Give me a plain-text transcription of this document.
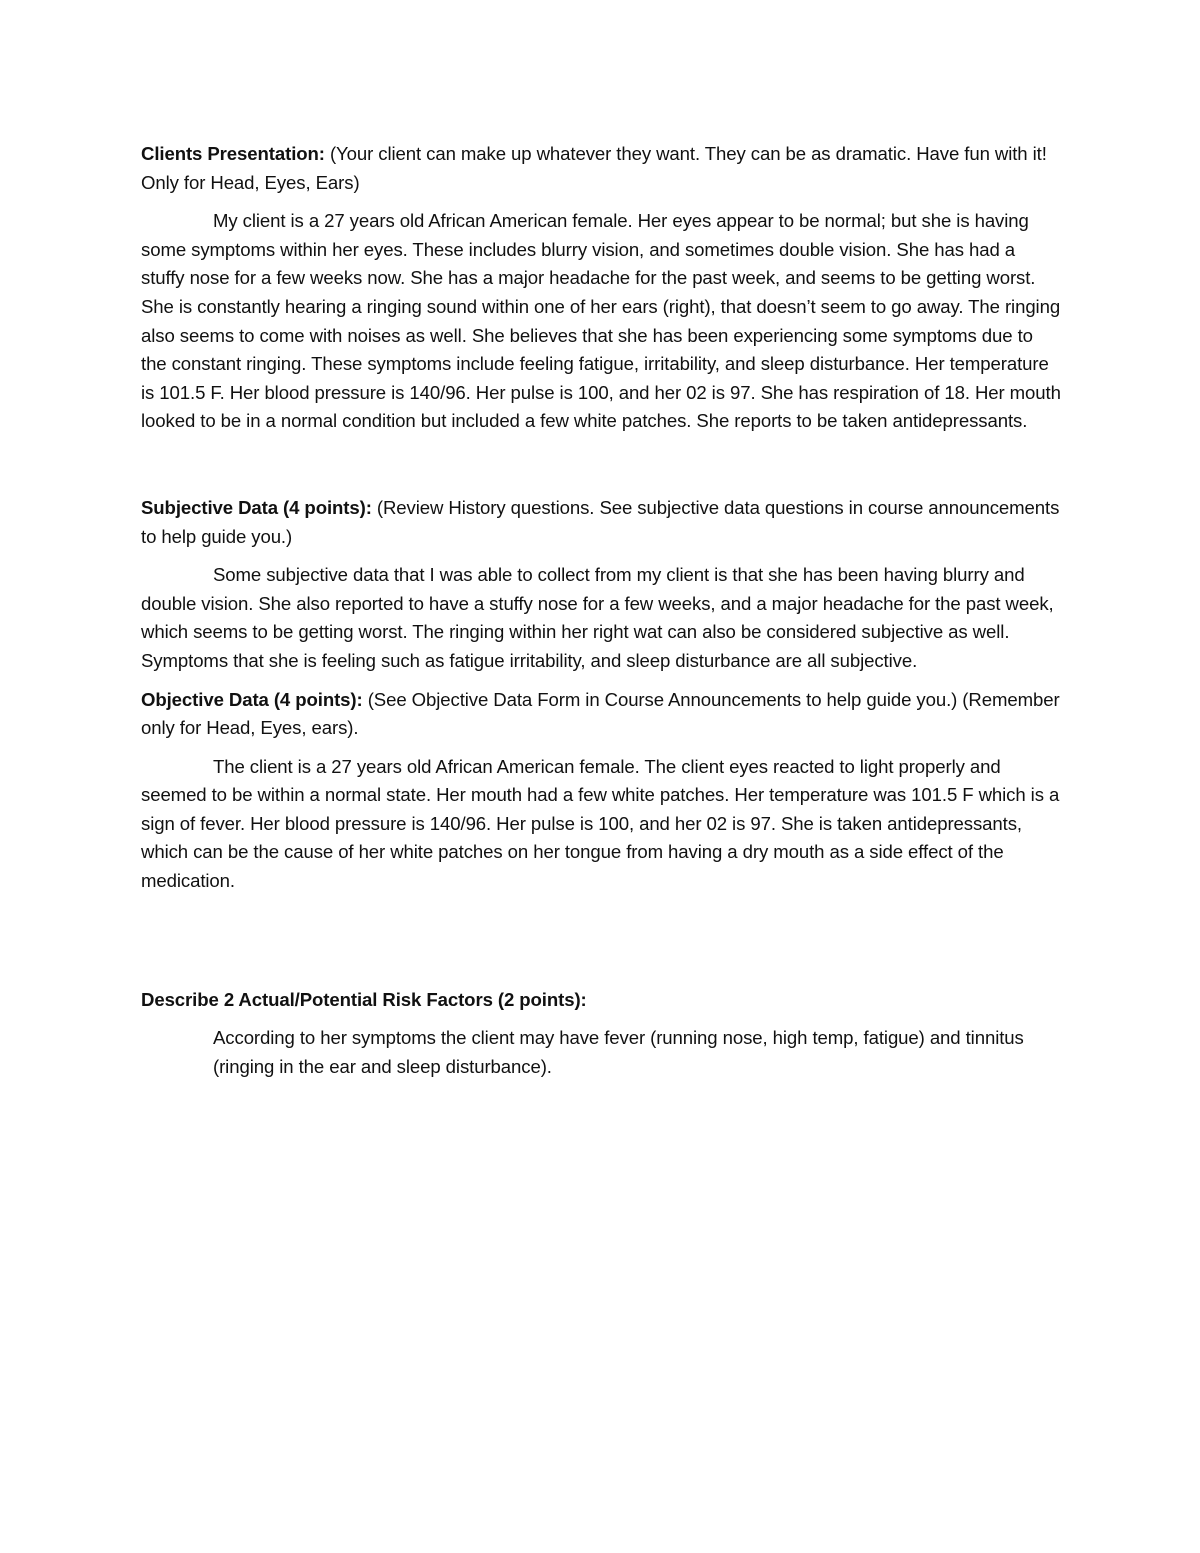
Clients Presentation: (Your client can make up whatever they want. They can be as dramatic. Have fun with it! Only for Head, Eyes, Ears)

My client is a 27 years old African American female. Her eyes appear to be normal; but she is having some symptoms within her eyes. These includes blurry vision, and sometimes double vision. She has had a stuffy nose for a few weeks now. She has a major headache for the past week, and seems to be getting worst. She is constantly hearing a ringing sound within one of her ears (right), that doesn’t seem to go away. The ringing also seems to come with noises as well. She believes that she has been experiencing some symptoms due to the constant ringing. These symptoms include feeling fatigue, irritability, and sleep disturbance. Her temperature is 101.5 F. Her blood pressure is 140/96. Her pulse is 100, and her 02 is 97. She has respiration of 18. Her mouth looked to be in a normal condition but included a few white patches. She reports to be taken antidepressants.

Subjective Data (4 points): (Review History questions. See subjective data questions in course announcements to help guide you.)

Some subjective data that I was able to collect from my client is that she has been having blurry and double vision. She also reported to have a stuffy nose for a few weeks, and a major headache for the past week, which seems to be getting worst. The ringing within her right wat can also be considered subjective as well. Symptoms that she is feeling such as fatigue irritability, and sleep disturbance are all subjective.

Objective Data (4 points): (See Objective Data Form in Course Announcements to help guide you.) (Remember only for Head, Eyes, ears).

The client is a 27 years old African American female. The client eyes reacted to light properly and seemed to be within a normal state. Her mouth had a few white patches. Her temperature was 101.5 F which is a sign of fever. Her blood pressure is 140/96. Her pulse is 100, and her 02 is 97. She is taken antidepressants, which can be the cause of her white patches on her tongue from having a dry mouth as a side effect of the medication.

Describe 2 Actual/Potential Risk Factors (2 points):

According to her symptoms the client may have fever (running nose, high temp, fatigue) and tinnitus (ringing in the ear and sleep disturbance).
